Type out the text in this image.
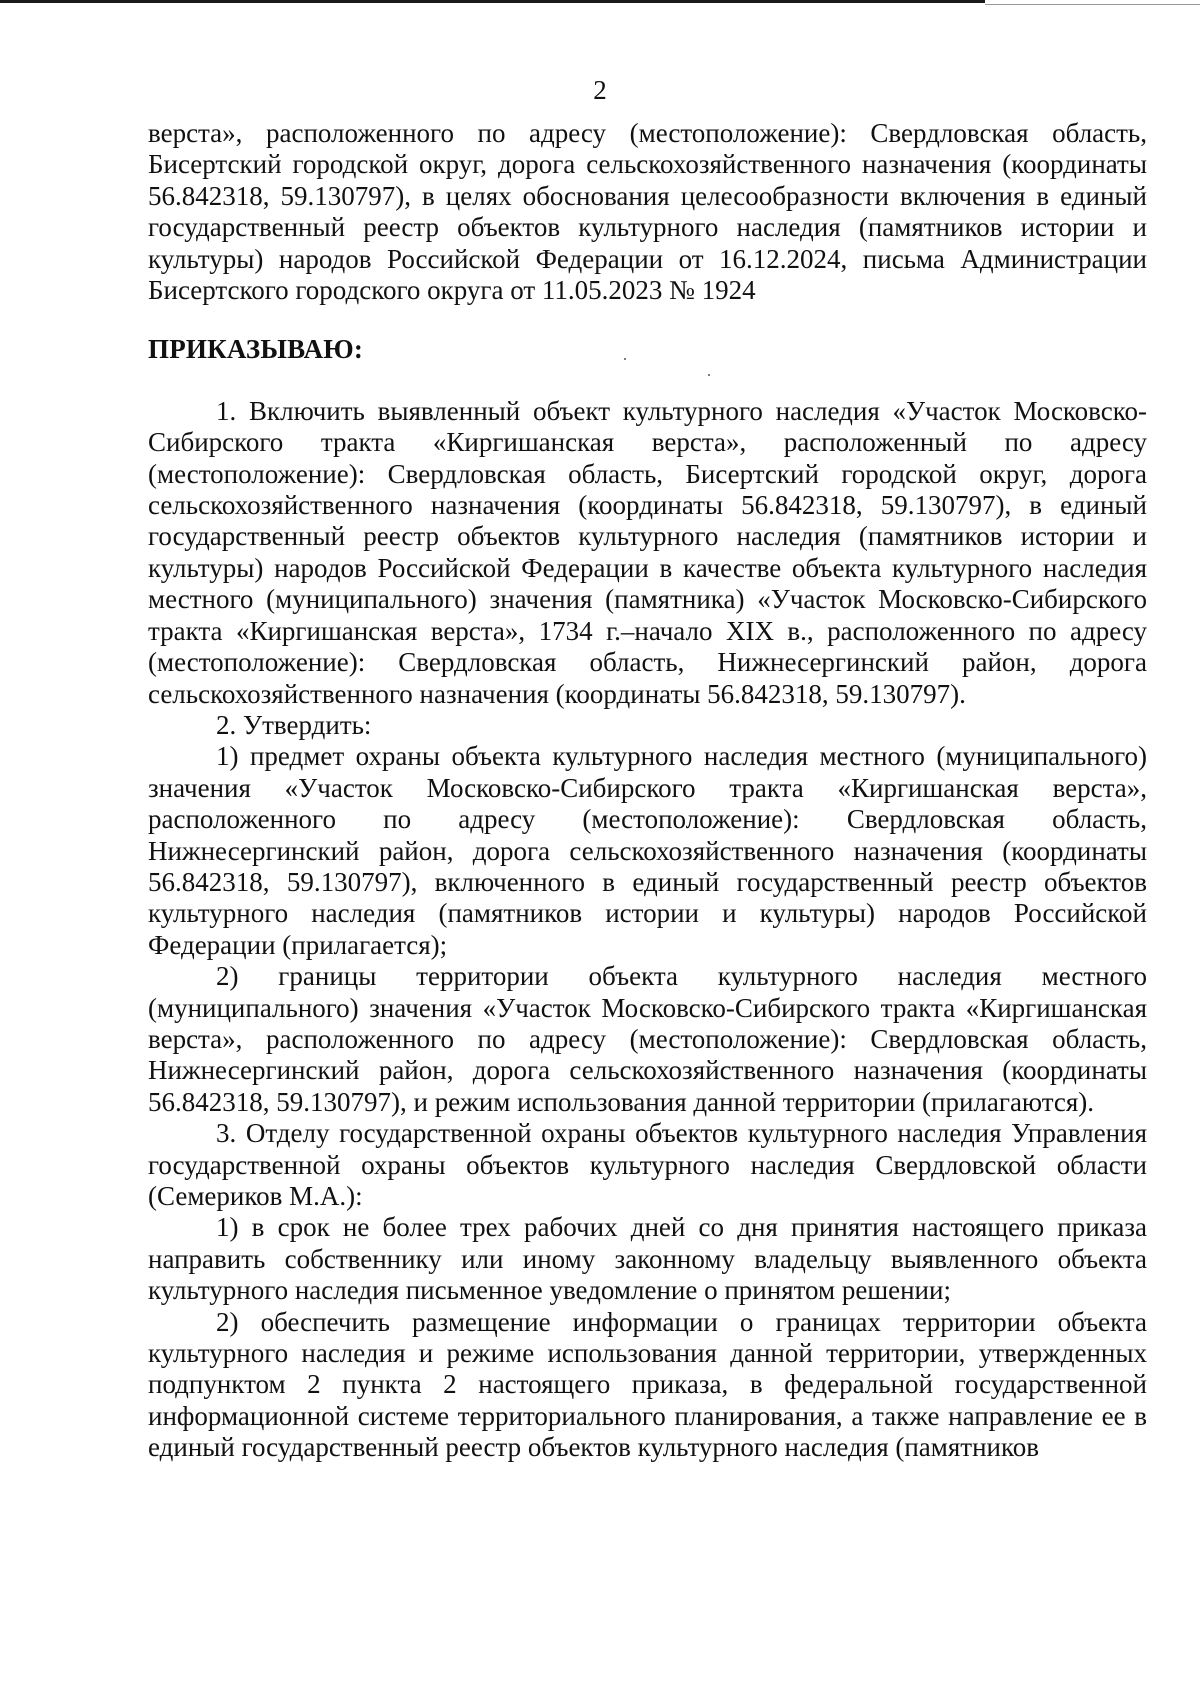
2

верста», расположенного по адресу (местоположение): Свердловская область, Бисертский городской округ, дорога сельскохозяйственного назначения (координаты 56.842318, 59.130797), в целях обоснования целесообразности включения в единый государственный реестр объектов культурного наследия (памятников истории и культуры) народов Российской Федерации от 16.12.2024, письма Администрации Бисертского городского округа от 11.05.2023 № 1924

ПРИКАЗЫВАЮ:

1. Включить выявленный объект культурного наследия «Участок Московско-Сибирского тракта «Киргишанская верста», расположенный по адресу (местоположение): Свердловская область, Бисертский городской округ, дорога сельскохозяйственного назначения (координаты 56.842318, 59.130797), в единый государственный реестр объектов культурного наследия (памятников истории и культуры) народов Российской Федерации в качестве объекта культурного наследия местного (муниципального) значения (памятника) «Участок Московско-Сибирского тракта «Киргишанская верста», 1734 г.–начало XIX в., расположенного по адресу (местоположение): Свердловская область, Нижнесергинский район, дорога сельскохозяйственного назначения (координаты 56.842318, 59.130797).

2. Утвердить:

1) предмет охраны объекта культурного наследия местного (муниципального) значения «Участок Московско-Сибирского тракта «Киргишанская верста», расположенного по адресу (местоположение): Свердловская область, Нижнесергинский район, дорога сельскохозяйственного назначения (координаты 56.842318, 59.130797), включенного в единый государственный реестр объектов культурного наследия (памятников истории и культуры) народов Российской Федерации (прилагается);

2) границы территории объекта культурного наследия местного (муниципального) значения «Участок Московско-Сибирского тракта «Киргишанская верста», расположенного по адресу (местоположение): Свердловская область, Нижнесергинский район, дорога сельскохозяйственного назначения (координаты 56.842318, 59.130797), и режим использования данной территории (прилагаются).

3. Отделу государственной охраны объектов культурного наследия Управления государственной охраны объектов культурного наследия Свердловской области (Семериков М.А.):

1) в срок не более трех рабочих дней со дня принятия настоящего приказа направить собственнику или иному законному владельцу выявленного объекта культурного наследия письменное уведомление о принятом решении;

2) обеспечить размещение информации о границах территории объекта культурного наследия и режиме использования данной территории, утвержденных подпунктом 2 пункта 2 настоящего приказа, в федеральной государственной информационной системе территориального планирования, а также направление ее в единый государственный реестр объектов культурного наследия (памятников
